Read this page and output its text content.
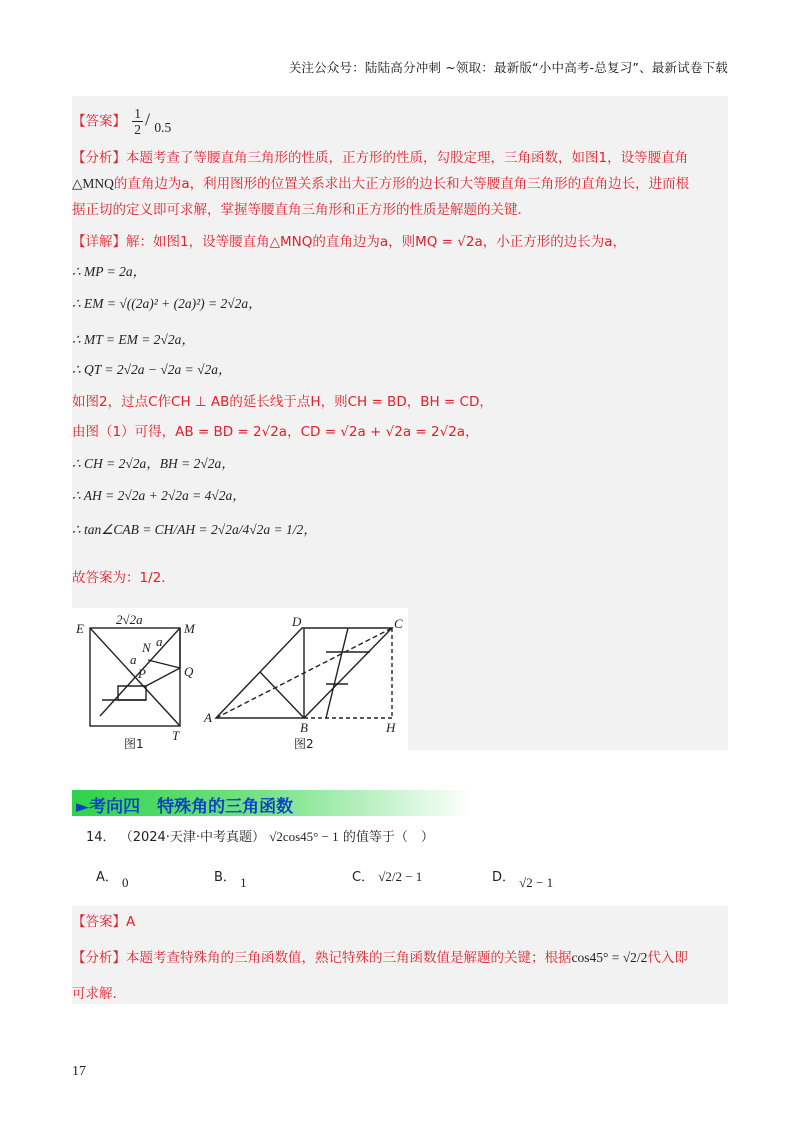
关注公众号：陆陆高分冲刺 ~领取：最新版“小中高考-总复习”、最新试卷下载
【答案】 $\frac{1}{2} / 0.5$
【分析】本题考查了等腰直角三角形的性质，正方形的性质，勾股定理，三角函数，如图1，设等腰直角
△MNQ的直角边为a，利用图形的位置关系求出大正方形的边长和大等腰直角三角形的直角边长，进而根
据正切的定义即可求解，掌握等腰直角三角形和正方形的性质是解题的关键．
【详解】解：如图1，设等腰直角△MNQ的直角边为a，则MQ = √2a，小正方形的边长为a，
∴ MP = 2a，
∴ EM = √((2a)² + (2a)²) = 2√2a，
∴ MT = EM = 2√2a，
∴ QT = 2√2a − √2a = √2a，
如图2，过点C作CH ⊥ AB的延长线于点H，则CH = BD，BH = CD，
由图（1）可得，AB = BD = 2√2a，CD = √2a + √2a = 2√2a，
∴ CH = 2√2a，BH = 2√2a，
∴ AH = 2√2a + 2√2a = 4√2a，
∴ tan∠CAB = CH/AH = 2√2a/4√2a = 1/2，
故答案为：1/2．
E	M
N a
a
P	Q
T
2√2a
图1
D	C
A
B	H
图2
►考向四　特殊角的三角函数
14． （2024·天津·中考真题） √2cos45° − 1 的值等于（　）
A． 0	B． 1	C． √2/2 − 1	D． √2 − 1
【答案】A
【分析】本题考查特殊角的三角函数值，熟记特殊的三角函数值是解题的关键；根据cos45° = √2/2代入即
可求解.
17
